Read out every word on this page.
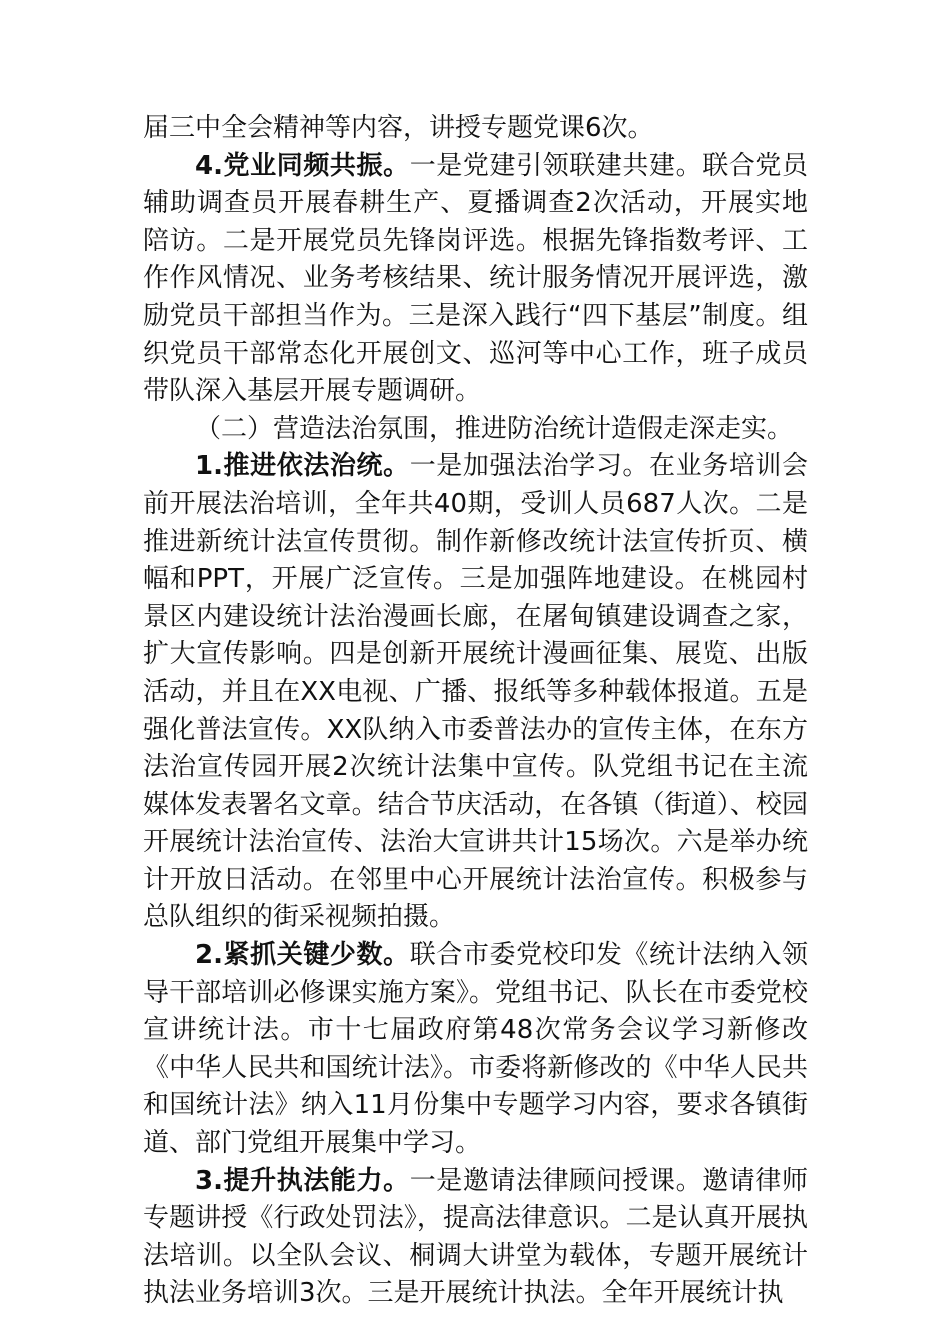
届三中全会精神等内容，讲授专题党课6次。

4.党业同频共振。一是党建引领联建共建。联合党员辅助调查员开展春耕生产、夏播调查2次活动，开展实地陪访。二是开展党员先锋岗评选。根据先锋指数考评、工作作风情况、业务考核结果、统计服务情况开展评选，激励党员干部担当作为。三是深入践行“四下基层”制度。组织党员干部常态化开展创文、巡河等中心工作，班子成员带队深入基层开展专题调研。

（二）营造法治氛围，推进防治统计造假走深走实。

1.推进依法治统。一是加强法治学习。在业务培训会前开展法治培训，全年共40期，受训人员687人次。二是推进新统计法宣传贯彻。制作新修改统计法宣传折页、横幅和PPT，开展广泛宣传。三是加强阵地建设。在桃园村景区内建设统计法治漫画长廊，在屠甸镇建设调查之家，扩大宣传影响。四是创新开展统计漫画征集、展览、出版活动，并且在XX电视、广播、报纸等多种载体报道。五是强化普法宣传。XX队纳入市委普法办的宣传主体，在东方法治宣传园开展2次统计法集中宣传。队党组书记在主流媒体发表署名文章。结合节庆活动，在各镇（街道）、校园开展统计法治宣传、法治大宣讲共计15场次。六是举办统计开放日活动。在邻里中心开展统计法治宣传。积极参与总队组织的街采视频拍摄。

2.紧抓关键少数。联合市委党校印发《统计法纳入领导干部培训必修课实施方案》。党组书记、队长在市委党校宣讲统计法。市十七届政府第48次常务会议学习新修改《中华人民共和国统计法》。市委将新修改的《中华人民共和国统计法》纳入11月份集中专题学习内容，要求各镇街道、部门党组开展集中学习。

3.提升执法能力。一是邀请法律顾问授课。邀请律师专题讲授《行政处罚法》，提高法律意识。二是认真开展执法培训。以全队会议、桐调大讲堂为载体，专题开展统计执法业务培训3次。三是开展统计执法。全年开展统计执
